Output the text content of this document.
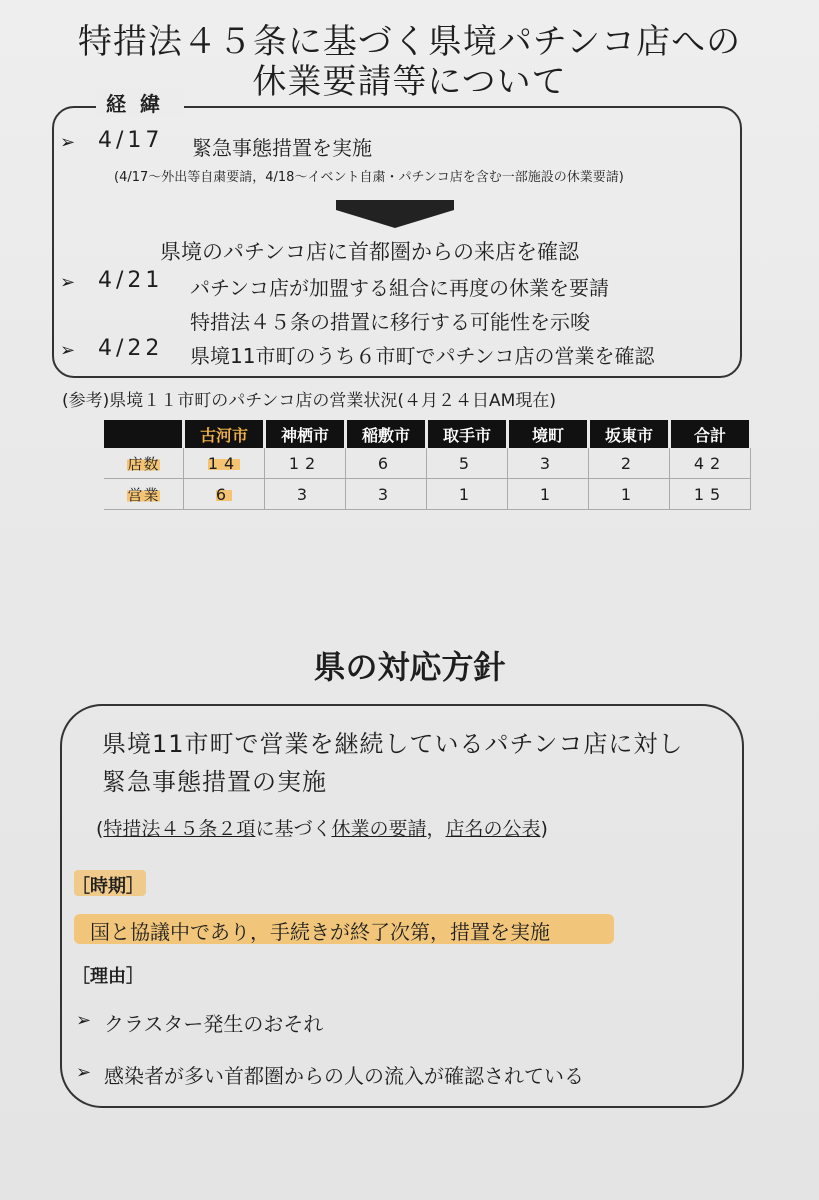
特措法４５条に基づく県境パチンコ店への
休業要請等について
経緯
➢ 4/17 緊急事態措置を実施
(4/17～外出等自粛要請，4/18～イベント自粛・パチンコ店を含む一部施設の休業要請)
県境のパチンコ店に首都圏からの来店を確認
➢ 4/21 パチンコ店が加盟する組合に再度の休業を要請
特措法４５条の措置に移行する可能性を示唆
➢ 4/22 県境11市町のうち６市町でパチンコ店の営業を確認
(参考)県境１１市町のパチンコ店の営業状況(４月２４日AM現在)
	古河市	神栖市	稲敷市	取手市	境町	坂東市	合計
店数	14	12	6	5	3	2	42
営業	6	3	3	1	1	1	15
県の対応方針
県境11市町で営業を継続しているパチンコ店に対し
緊急事態措置の実施
(特措法４５条２項に基づく休業の要請，店名の公表)
［時期］
国と協議中であり，手続きが終了次第，措置を実施
［理由］
➢ クラスター発生のおそれ
➢ 感染者が多い首都圏からの人の流入が確認されている
